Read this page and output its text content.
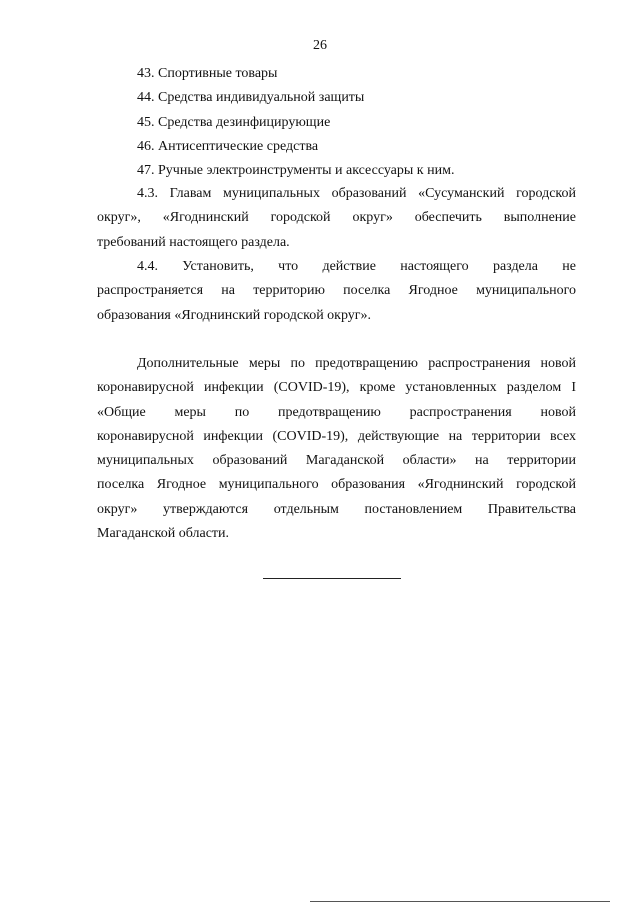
26
43. Спортивные товары
44. Средства индивидуальной защиты
45. Средства дезинфицирующие
46. Антисептические средства
47. Ручные электроинструменты и аксессуары к ним.
4.3. Главам муниципальных образований «Сусуманский городской
округ», «Ягоднинский городской округ» обеспечить выполнение
требований настоящего раздела.
4.4. Установить, что действие настоящего раздела не
распространяется на территорию поселка Ягодное муниципального
образования «Ягоднинский городской округ».
Дополнительные меры по предотвращению распространения новой
коронавирусной инфекции (COVID-19), кроме установленных разделом I
«Общие меры по предотвращению распространения новой
коронавирусной инфекции (COVID-19), действующие на территории всех
муниципальных образований Магаданской области» на территории
поселка Ягодное муниципального образования «Ягоднинский городской
округ» утверждаются отдельным постановлением Правительства
Магаданской области.
